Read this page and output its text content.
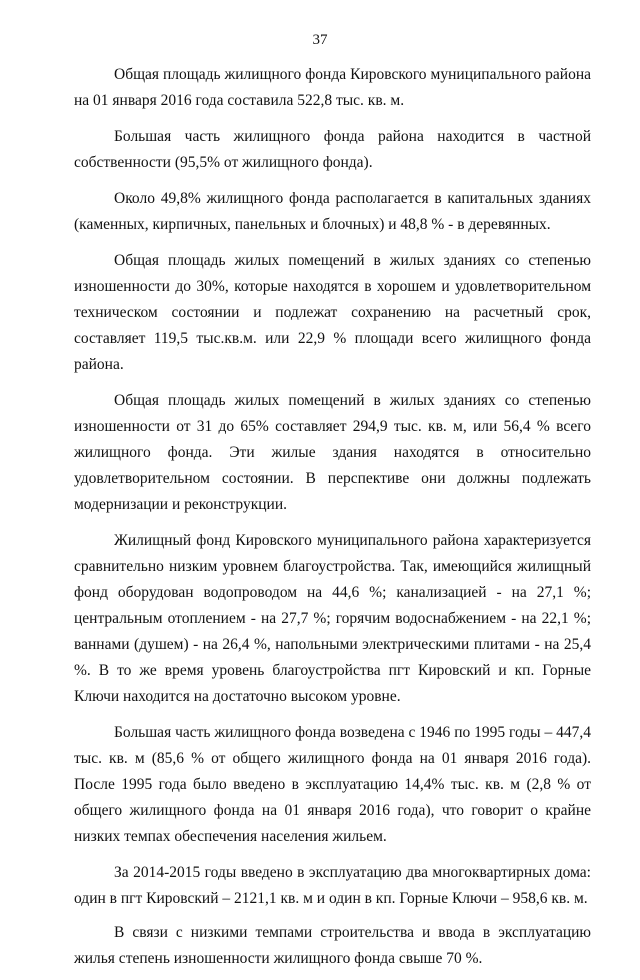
37

Общая площадь жилищного фонда Кировского муниципального района на 01 января 2016 года составила 522,8 тыс. кв. м.

Большая часть жилищного фонда района находится в частной собственности (95,5% от жилищного фонда).

Около 49,8% жилищного фонда располагается в капитальных зданиях (каменных, кирпичных, панельных и блочных) и 48,8 % - в деревянных.

Общая площадь жилых помещений в жилых зданиях со степенью изношенности до 30%, которые находятся в хорошем и удовлетворительном техническом состоянии и подлежат сохранению на расчетный срок, составляет 119,5 тыс.кв.м. или 22,9 % площади всего жилищного фонда района.

Общая площадь жилых помещений в жилых зданиях со степенью изношенности от 31 до 65% составляет 294,9 тыс. кв. м, или 56,4 % всего жилищного фонда. Эти жилые здания находятся в относительно удовлетворительном состоянии. В перспективе они должны подлежать модернизации и реконструкции.

Жилищный фонд Кировского муниципального района характеризуется сравнительно низким уровнем благоустройства. Так, имеющийся жилищный фонд оборудован водопроводом на 44,6 %; канализацией - на 27,1 %; центральным отоплением - на 27,7 %; горячим водоснабжением - на 22,1 %; ваннами (душем) - на 26,4 %, напольными электрическими плитами - на 25,4 %. В то же время уровень благоустройства пгт Кировский и кп. Горные Ключи находится на достаточно высоком уровне.

Большая часть жилищного фонда возведена с 1946 по 1995 годы – 447,4 тыс. кв. м (85,6 % от общего жилищного фонда на 01 января 2016 года). После 1995 года было введено в эксплуатацию 14,4% тыс. кв. м (2,8 % от общего жилищного фонда на 01 января 2016 года), что говорит о крайне низких темпах обеспечения населения жильем.

За 2014-2015 годы введено в эксплуатацию два многоквартирных дома: один в пгт Кировский – 2121,1 кв. м и один в кп. Горные Ключи – 958,6 кв. м.

В связи с низкими темпами строительства и ввода в эксплуатацию жилья степень изношенности жилищного фонда свыше 70 %.
